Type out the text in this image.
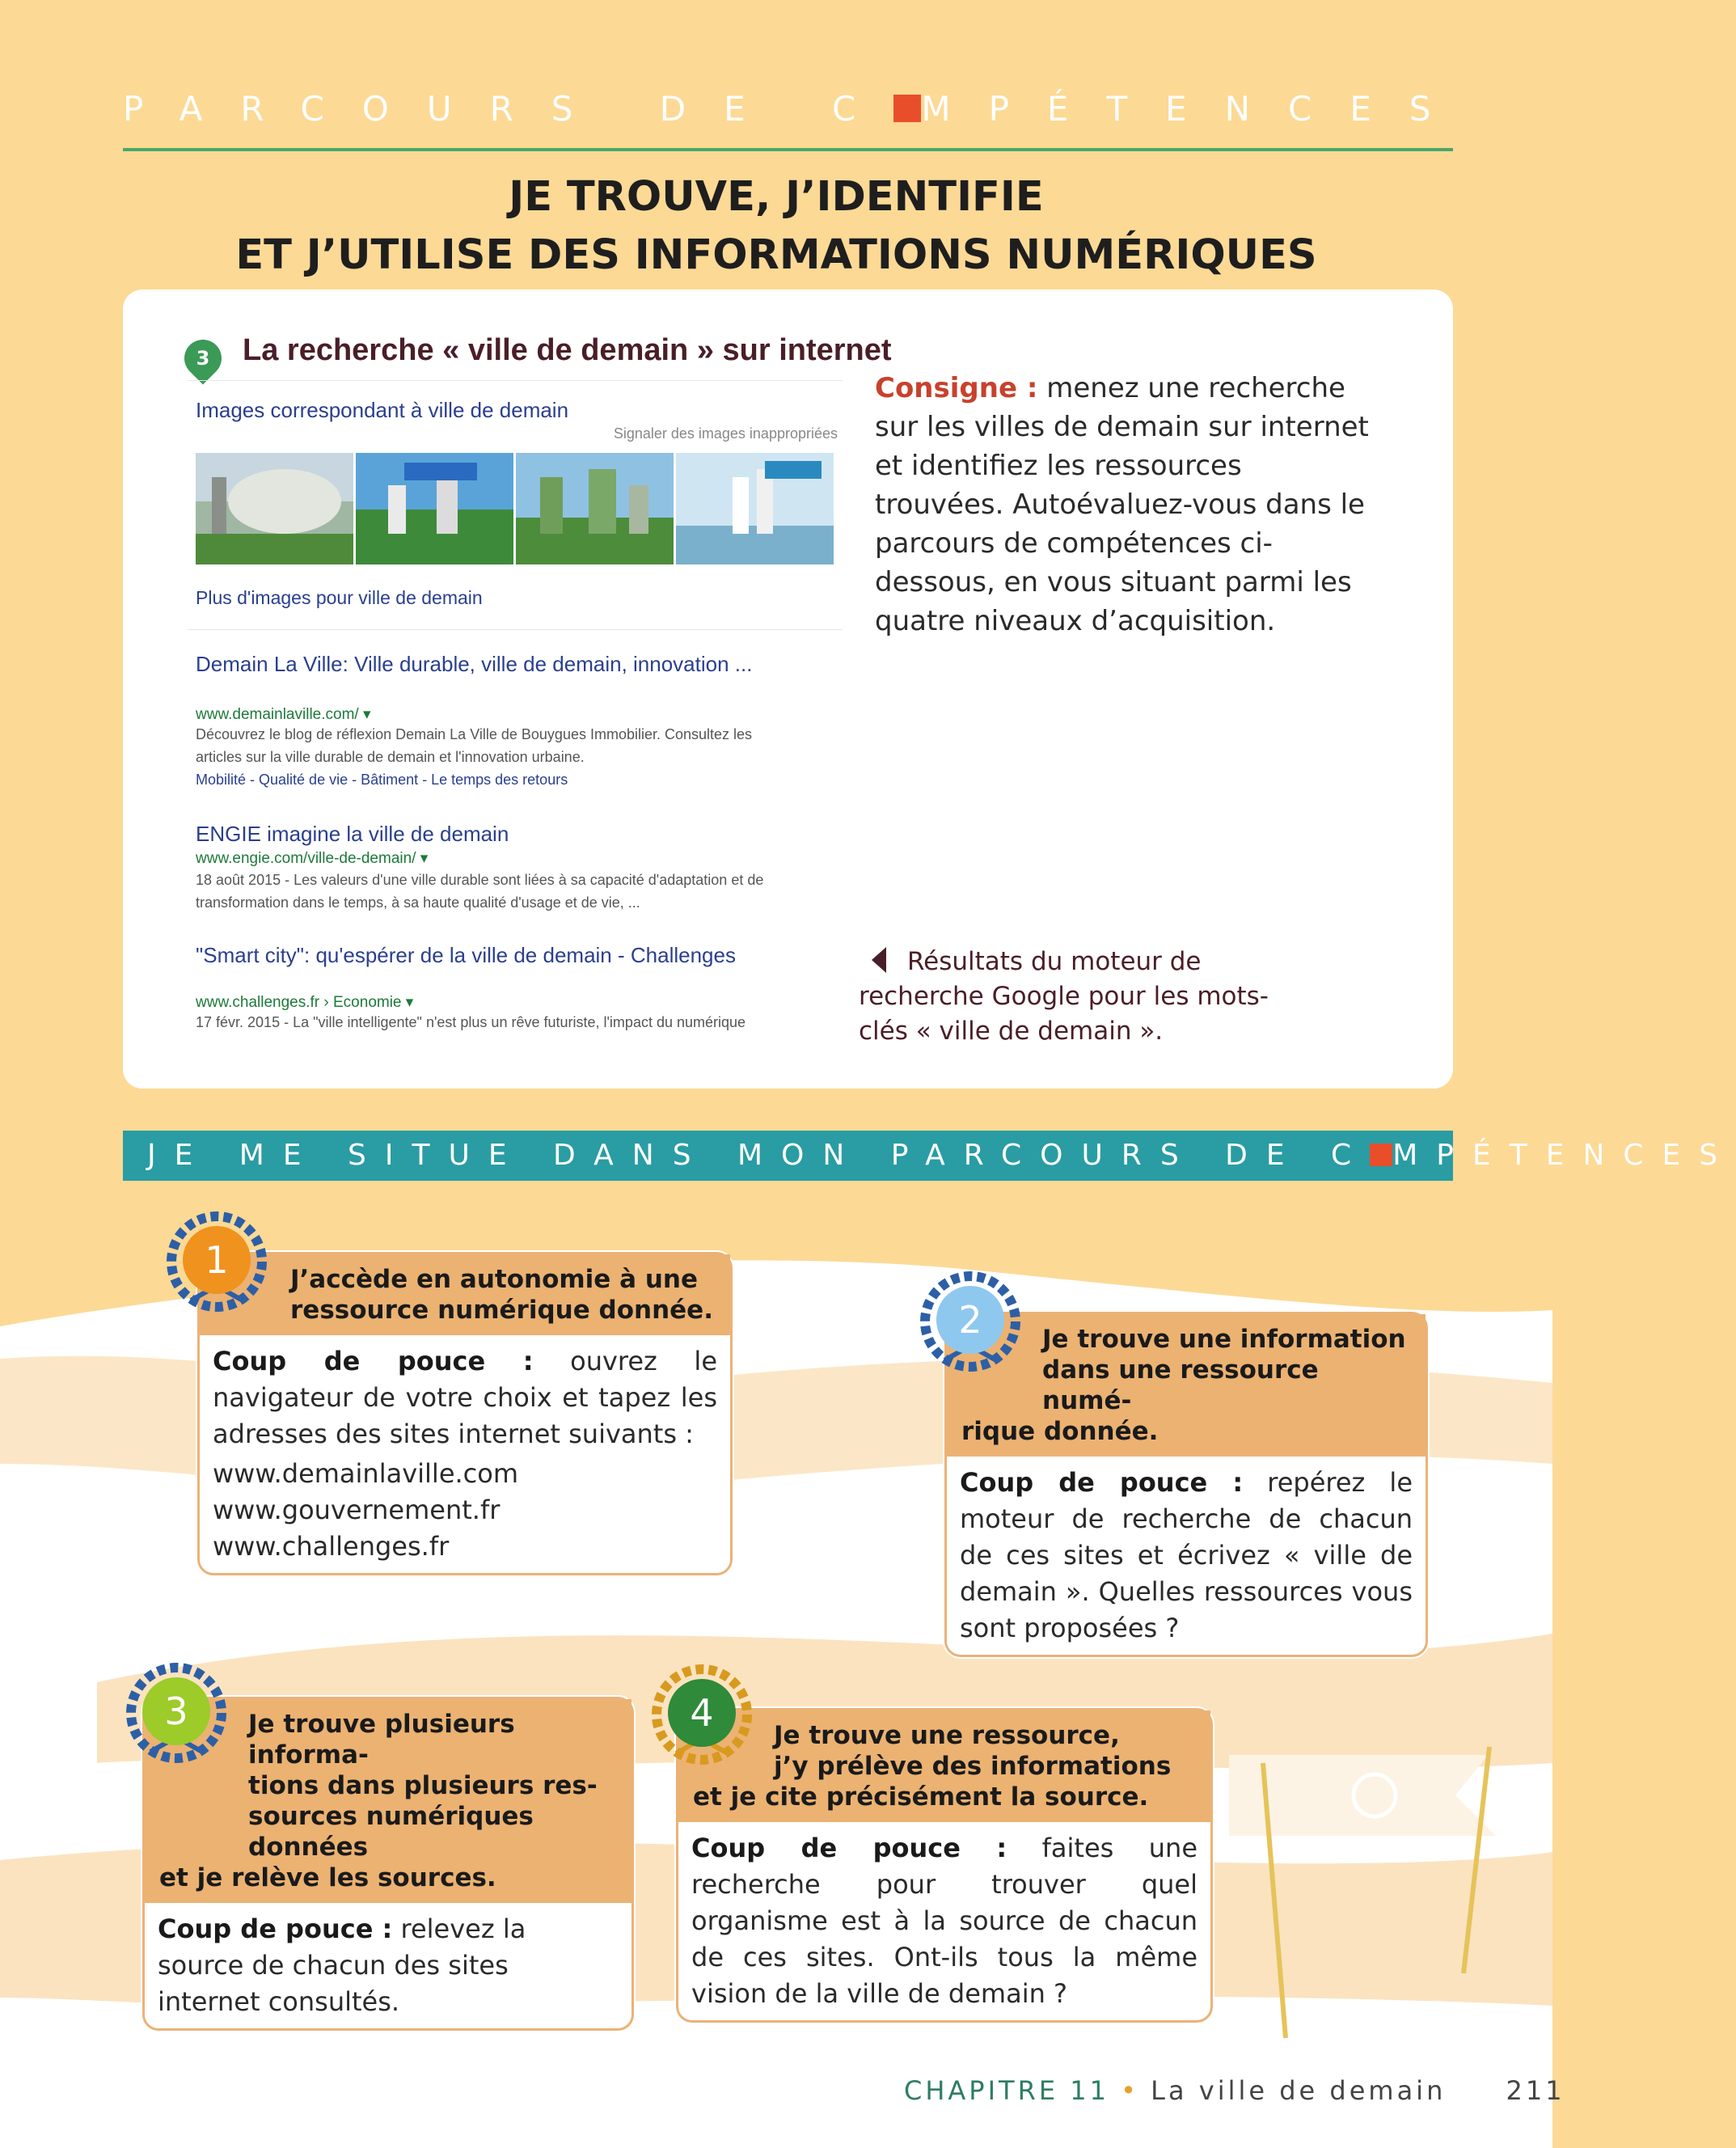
PARCOURS DE C MPÉTENCES
JE TROUVE, J’IDENTIFIE
ET J’UTILISE DES INFORMATIONS NUMÉRIQUES
3	La recherche « ville de demain » sur internet
Images correspondant à ville de demain
Signaler des images inappropriées
Plus d'images pour ville de demain
Demain La Ville: Ville durable, ville de demain, innovation ...
www.demainlaville.com/ ▾
Découvrez le blog de réflexion Demain La Ville de Bouygues Immobilier. Consultez les
articles sur la ville durable de demain et l'innovation urbaine.
Mobilité - Qualité de vie - Bâtiment - Le temps des retours
ENGIE imagine la ville de demain
www.engie.com/ville-de-demain/ ▾
18 août 2015 - Les valeurs d'une ville durable sont liées à sa capacité d'adaptation et de
transformation dans le temps, à sa haute qualité d'usage et de vie, ...
"Smart city": qu'espérer de la ville de demain - Challenges
www.challenges.fr › Economie ▾
17 févr. 2015 - La "ville intelligente" n'est plus un rêve futuriste, l'impact du numérique
Consigne : menez une recherche sur les villes de demain sur internet et identifiez les ressources trouvées. Autoévaluez-vous dans le parcours de compétences ci-dessous, en vous situant parmi les quatre niveaux d’acquisition.
Résultats du moteur de recherche Google pour les mots-clés « ville de demain ».
JE ME SITUE DANS MON PARCOURS DE C MPÉTENCES
J’accède en autonomie à une
ressource numérique donnée.
Coup de pouce : ouvrez le navigateur de votre choix et tapez les adresses des sites internet suivants :
www.demainlaville.com
www.gouvernement.fr
www.challenges.fr
1
Je trouve une information
dans une ressource numé-
rique donnée.
Coup de pouce : repérez le moteur de recherche de chacun de ces sites et écrivez « ville de demain ». Quelles ressources vous sont proposées ?
2
Je trouve plusieurs informa-
tions dans plusieurs res-
sources numériques données
et je relève les sources.
Coup de pouce : relevez la source de chacun des sites internet consultés.
3
Je trouve une ressource,
j’y prélève des informations
et je cite précisément la source.
Coup de pouce : faites une recherche pour trouver quel organisme est à la source de chacun de ces sites. Ont-ils tous la même vision de la ville de demain ?
4
CHAPITRE 11 • La ville de demain 211
